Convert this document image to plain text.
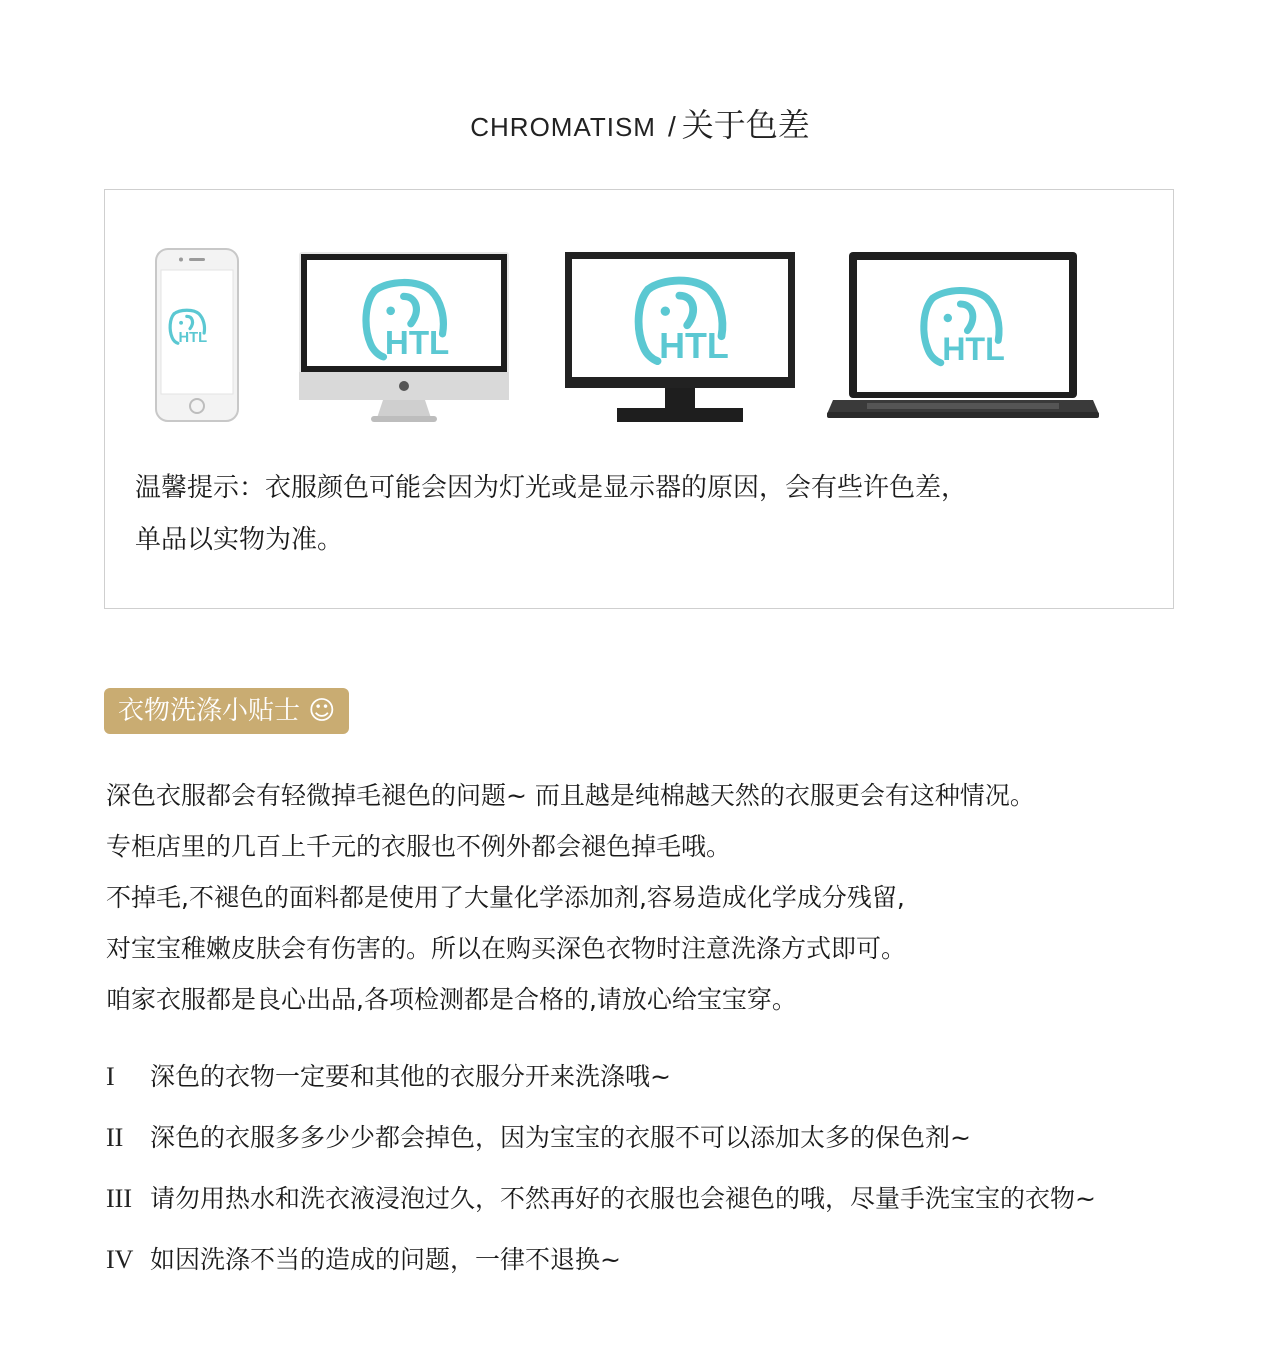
CHROMATISM / 关于色差
HTL	HTL	HTL	HTL
温馨提示：衣服颜色可能会因为灯光或是显示器的原因，会有些许色差，
单品以实物为准。
衣物洗涤小贴士 ☺
深色衣服都会有轻微掉毛褪色的问题~ 而且越是纯棉越天然的衣服更会有这种情况。
专柜店里的几百上千元的衣服也不例外都会褪色掉毛哦。
不掉毛,不褪色的面料都是使用了大量化学添加剂,容易造成化学成分残留,
对宝宝稚嫩皮肤会有伤害的。所以在购买深色衣物时注意洗涤方式即可。
咱家衣服都是良心出品,各项检测都是合格的,请放心给宝宝穿。
I 深色的衣物一定要和其他的衣服分开来洗涤哦~
II 深色的衣服多多少少都会掉色，因为宝宝的衣服不可以添加太多的保色剂~
III 请勿用热水和洗衣液浸泡过久，不然再好的衣服也会褪色的哦，尽量手洗宝宝的衣物~
IV 如因洗涤不当的造成的问题，一律不退换~
